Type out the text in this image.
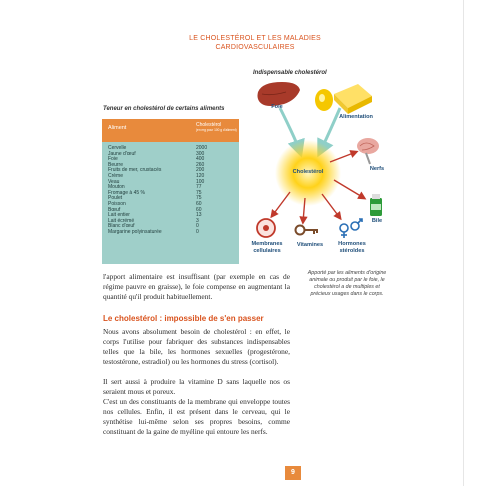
LE CHOLESTÉROL ET LES MALADIES
CARDIOVASCULAIRES
Teneur en cholestérol de certains aliments
Aliment	Cholestérol
(en mg pour 100 g d'aliment)
Cervelle	2000
Jaune d'œuf	300
Foie	400
Beurre	260
Fruits de mer, crustacés	200
Crème	120
Veau	100
Mouton	77
Fromage à 45 %	75
Poulet	75
Poisson	60
Bœuf	60
Lait entier	13
Lait écrémé	3
Blanc d'œuf	0
Margarine polyinsaturée	0
Indispensable cholestérol
Foie
Alimentation
Cholestérol	Nerfs
Bile
Membranes
cellulaires
Vitamines	Hormones
stéroïdes
Apporté par les aliments d'origine animale ou produit par le foie, le cholestérol a de multiples et précieux usages dans le corps.
l'apport alimentaire est insuffisant (par exemple en cas de régime pauvre en graisse), le foie compense en augmentant la quantité qu'il produit habituellement.
Le cholestérol : impossible de s'en passer
Nous avons absolument besoin de cholestérol : en effet, le corps l'utilise pour fabriquer des substances indispensables telles que la bile, les hormones sexuelles (progestérone, testostérone, estradiol) ou les hormones du stress (cortisol).
Il sert aussi à produire la vitamine D sans laquelle nos os seraient mous et poreux.
C'est un des constituants de la membrane qui enveloppe toutes nos cellules. Enfin, il est présent dans le cerveau, qui le synthétise lui-même selon ses propres besoins, comme constituant de la gaine de myéline qui entoure les nerfs.
9
